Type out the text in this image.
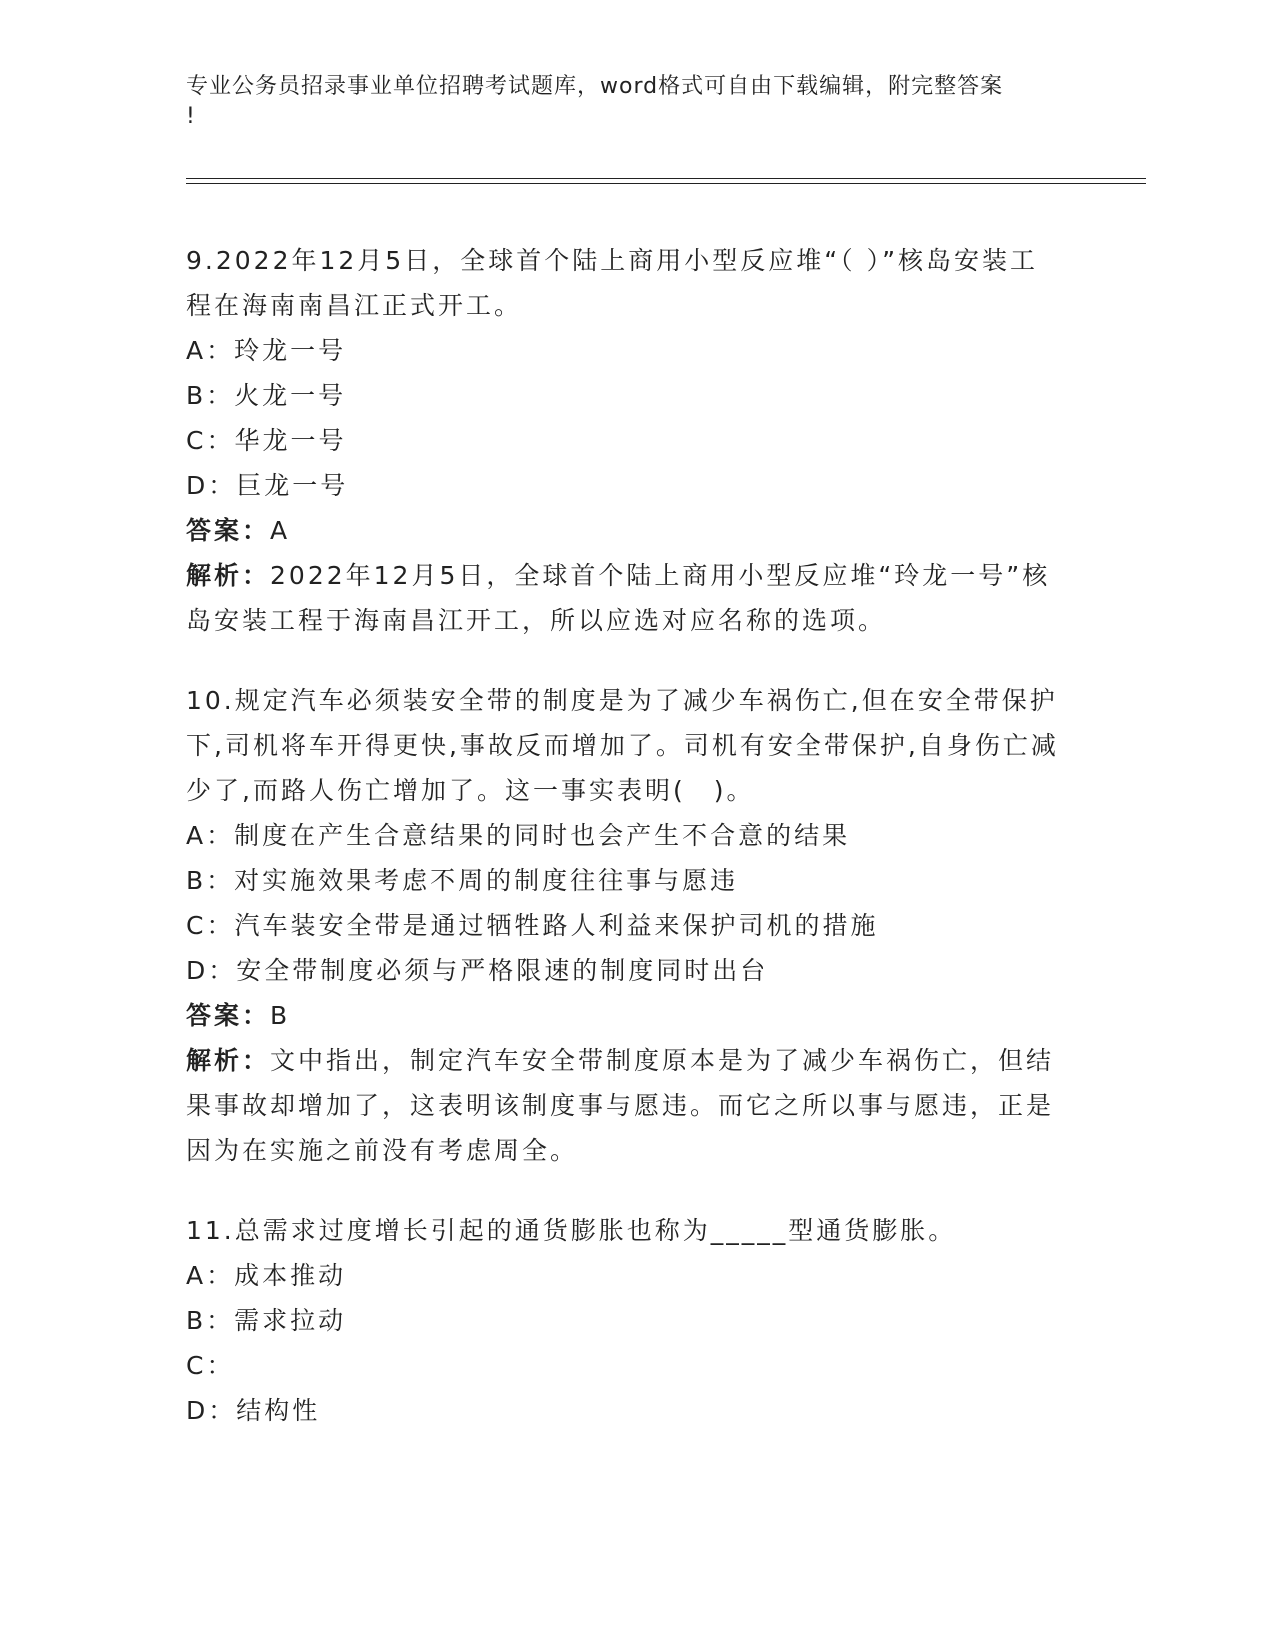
专业公务员招录事业单位招聘考试题库，word格式可自由下载编辑，附完整答案
!
9.2022年12月5日，全球首个陆上商用小型反应堆“（ ）”核岛安装工程在海南南昌江正式开工。
A：玲龙一号
B：火龙一号
C：华龙一号
D：巨龙一号
答案：A
解析：2022年12月5日，全球首个陆上商用小型反应堆“玲龙一号”核岛安装工程于海南昌江开工，所以应选对应名称的选项。
10.规定汽车必须装安全带的制度是为了减少车祸伤亡,但在安全带保护下,司机将车开得更快,事故反而增加了。司机有安全带保护,自身伤亡减少了,而路人伤亡增加了。这一事实表明(　)。
A：制度在产生合意结果的同时也会产生不合意的结果
B：对实施效果考虑不周的制度往往事与愿违
C：汽车装安全带是通过牺牲路人利益来保护司机的措施
D：安全带制度必须与严格限速的制度同时出台
答案：B
解析：文中指出，制定汽车安全带制度原本是为了减少车祸伤亡，但结果事故却增加了，这表明该制度事与愿违。而它之所以事与愿违，正是因为在实施之前没有考虑周全。
11.总需求过度增长引起的通货膨胀也称为_____型通货膨胀。
A：成本推动
B：需求拉动
C：
D：结构性
